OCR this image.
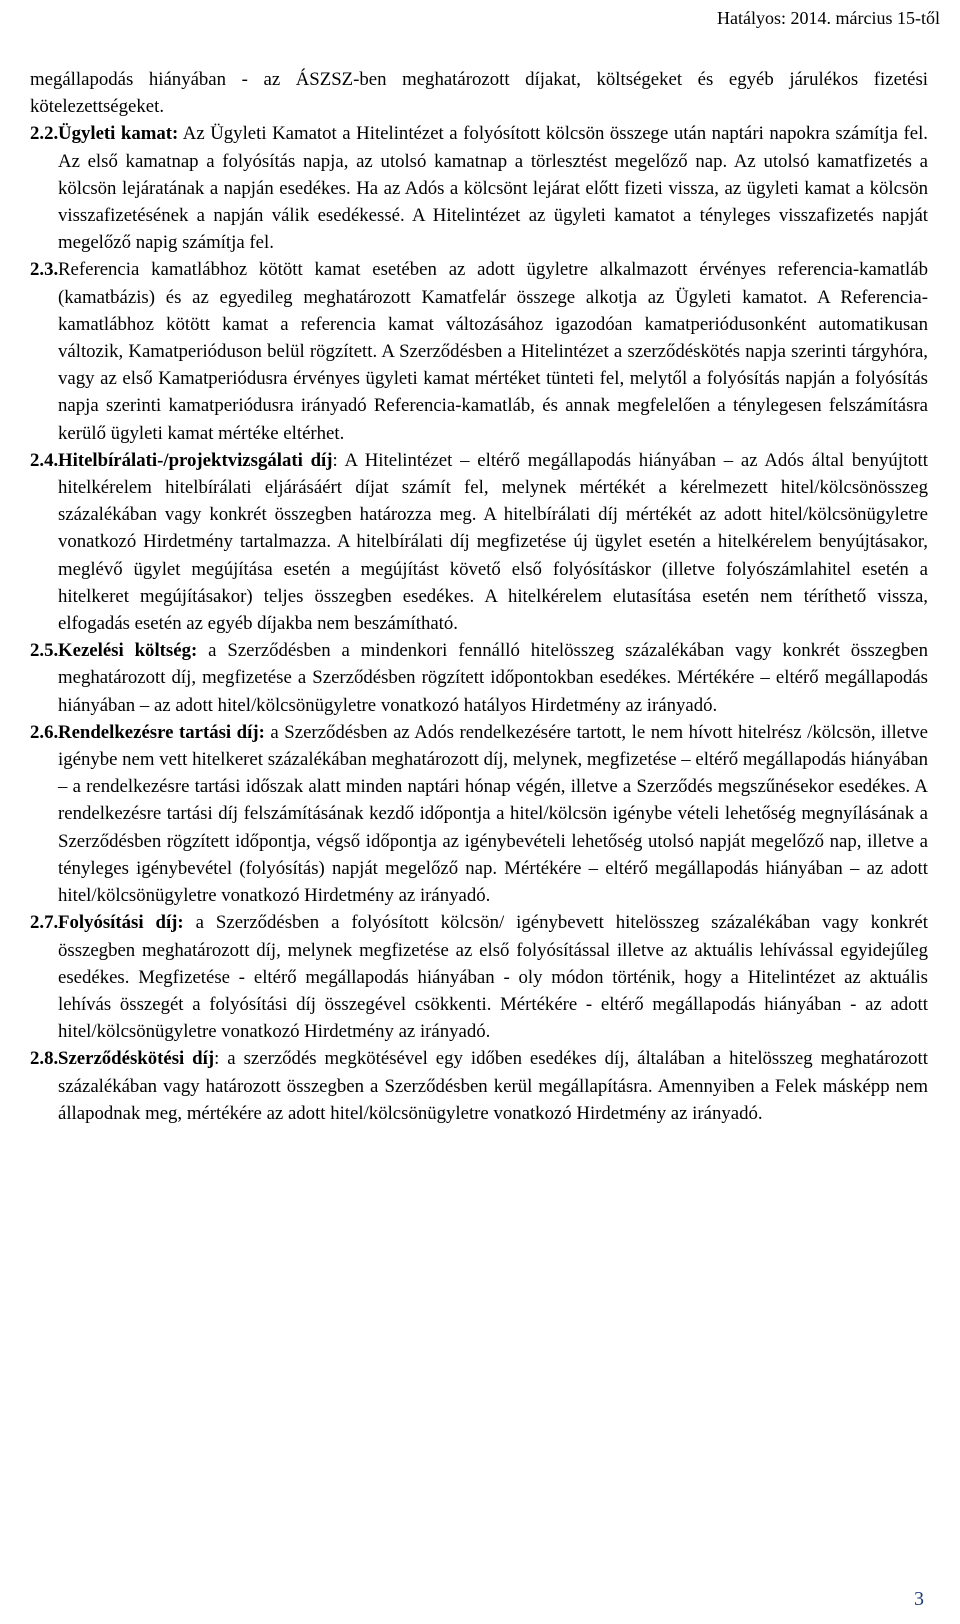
Hatályos: 2014. március 15-től

megállapodás hiányában - az ÁSZSZ-ben meghatározott díjakat, költségeket és egyéb járulékos fizetési kötelezettségeket.

2.2. Ügyleti kamat: Az Ügyleti Kamatot a Hitelintézet a folyósított kölcsön összege után naptári napokra számítja fel. Az első kamatnap a folyósítás napja, az utolsó kamatnap a törlesztést megelőző nap. Az utolsó kamatfizetés a kölcsön lejáratának a napján esedékes. Ha az Adós a kölcsönt lejárat előtt fizeti vissza, az ügyleti kamat a kölcsön visszafizetésének a napján válik esedékessé. A Hitelintézet az ügyleti kamatot a tényleges visszafizetés napját megelőző napig számítja fel.
2.3. Referencia kamatlábhoz kötött kamat esetében az adott ügyletre alkalmazott érvényes referencia-kamatláb (kamatbázis) és az egyedileg meghatározott Kamatfelár összege alkotja az Ügyleti kamatot. A Referencia-kamatlábhoz kötött kamat a referencia kamat változásához igazodóan kamatperiódusonként automatikusan változik, Kamatperióduson belül rögzített. A Szerződésben a Hitelintézet a szerződéskötés napja szerinti tárgyhóra, vagy az első Kamatperiódusra érvényes ügyleti kamat mértéket tünteti fel, melytől a folyósítás napján a folyósítás napja szerinti kamatperiódusra irányadó Referencia-kamatláb, és annak megfelelően a ténylegesen felszámításra kerülő ügyleti kamat mértéke eltérhet.
2.4. Hitelbírálati-/projektvizsgálati díj: A Hitelintézet – eltérő megállapodás hiányában – az Adós által benyújtott hitelkérelem hitelbírálati eljárásáért díjat számít fel, melynek mértékét a kérelmezett hitel/kölcsönösszeg százalékában vagy konkrét összegben határozza meg. A hitelbírálati díj mértékét az adott hitel/kölcsönügyletre vonatkozó Hirdetmény tartalmazza. A hitelbírálati díj megfizetése új ügylet esetén a hitelkérelem benyújtásakor, meglévő ügylet megújítása esetén a megújítást követő első folyósításkor (illetve folyószámlahitel esetén a hitelkeret megújításakor) teljes összegben esedékes. A hitelkérelem elutasítása esetén nem téríthető vissza, elfogadás esetén az egyéb díjakba nem beszámítható.
2.5. Kezelési költség: a Szerződésben a mindenkori fennálló hitelösszeg százalékában vagy konkrét összegben meghatározott díj, megfizetése a Szerződésben rögzített időpontokban esedékes. Mértékére – eltérő megállapodás hiányában – az adott hitel/kölcsönügyletre vonatkozó hatályos Hirdetmény az irányadó.
2.6. Rendelkezésre tartási díj: a Szerződésben az Adós rendelkezésére tartott, le nem hívott hitelrész /kölcsön, illetve igénybe nem vett hitelkeret százalékában meghatározott díj, melynek, megfizetése – eltérő megállapodás hiányában – a rendelkezésre tartási időszak alatt minden naptári hónap végén, illetve a Szerződés megszűnésekor esedékes. A rendelkezésre tartási díj felszámításának kezdő időpontja a hitel/kölcsön igénybe vételi lehetőség megnyílásának a Szerződésben rögzített időpontja, végső időpontja az igénybevételi lehetőség utolsó napját megelőző nap, illetve a tényleges igénybevétel (folyósítás) napját megelőző nap. Mértékére – eltérő megállapodás hiányában – az adott hitel/kölcsönügyletre vonatkozó Hirdetmény az irányadó.
2.7. Folyósítási díj: a Szerződésben a folyósított kölcsön/ igénybevett hitelösszeg százalékában vagy konkrét összegben meghatározott díj, melynek megfizetése az első folyósítással illetve az aktuális lehívással egyidejűleg esedékes. Megfizetése - eltérő megállapodás hiányában - oly módon történik, hogy a Hitelintézet az aktuális lehívás összegét a folyósítási díj összegével csökkenti. Mértékére - eltérő megállapodás hiányában - az adott hitel/kölcsönügyletre vonatkozó Hirdetmény az irányadó.
2.8. Szerződéskötési díj: a szerződés megkötésével egy időben esedékes díj, általában a hitelösszeg meghatározott százalékában vagy határozott összegben a Szerződésben kerül megállapításra. Amennyiben a Felek másképp nem állapodnak meg, mértékére az adott hitel/kölcsönügyletre vonatkozó Hirdetmény az irányadó.
3
